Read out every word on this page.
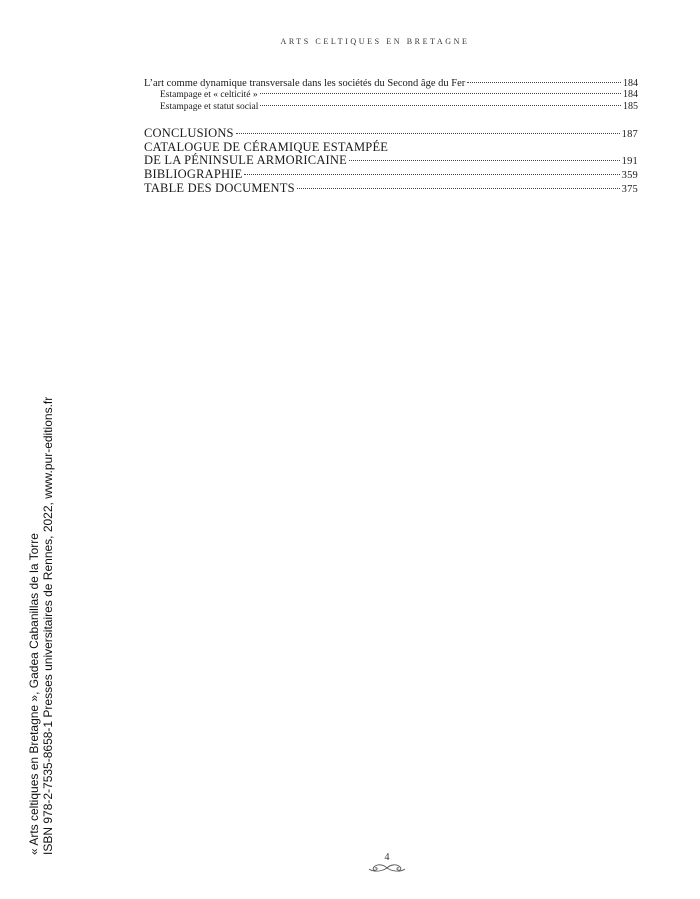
ARTS CELTIQUES EN BRETAGNE
L’art comme dynamique transversale dans les sociétés du Second âge du Fer	184
Estampage et « celticité »	184
Estampage et statut social	185
CONCLUSIONS	187
CATALOGUE DE CÉRAMIQUE ESTAMPÉE
DE LA PÉNINSULE ARMORICAINE	191
BIBLIOGRAPHIE	359
TABLE DES DOCUMENTS	375
« Arts celtiques en Bretagne », Gadea Cabanillas de la Torre ISBN 978-2-7535-8658-1 Presses universitaires de Rennes, 2022, www.pur-editions.fr
4
